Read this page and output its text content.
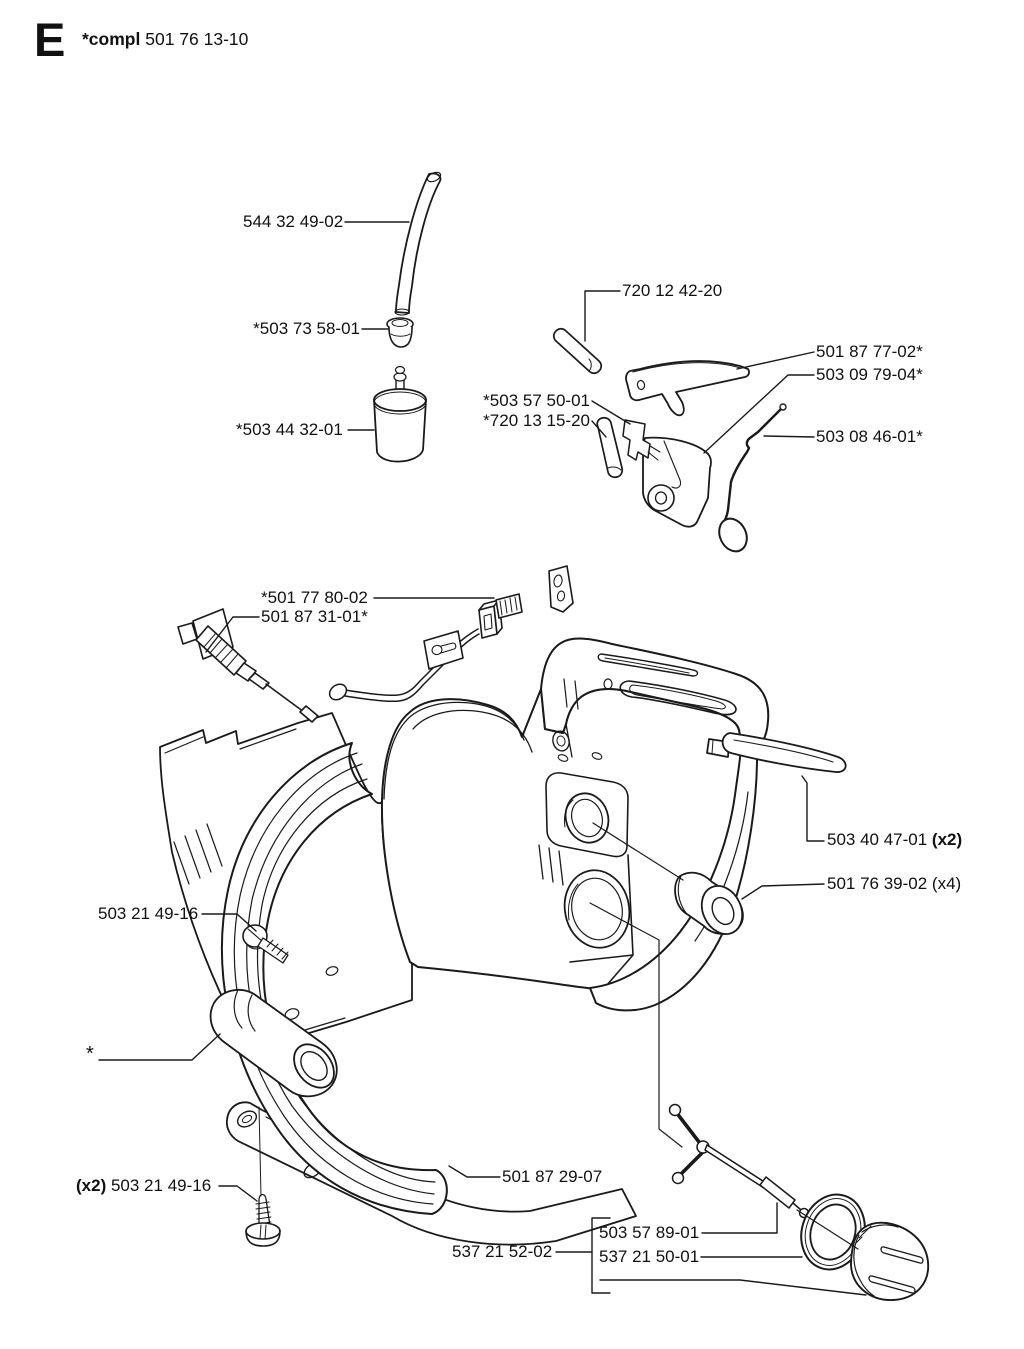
E *compl 501 76 13-10
544 32 49-02
*503 73 58-01
*503 44 32-01
720 12 42-20
501 87 77-02*
503 09 79-04*
503 08 46-01*
*503 57 50-01
*720 13 15-20
*501 77 80-02
501 87 31-01*
503 40 47-01 (x2)
501 76 39-02 (x4)
503 21 49-16
*
(x2) 503 21 49-16	501 87 29-07
537 21 52-02
503 57 89-01
537 21 50-01
